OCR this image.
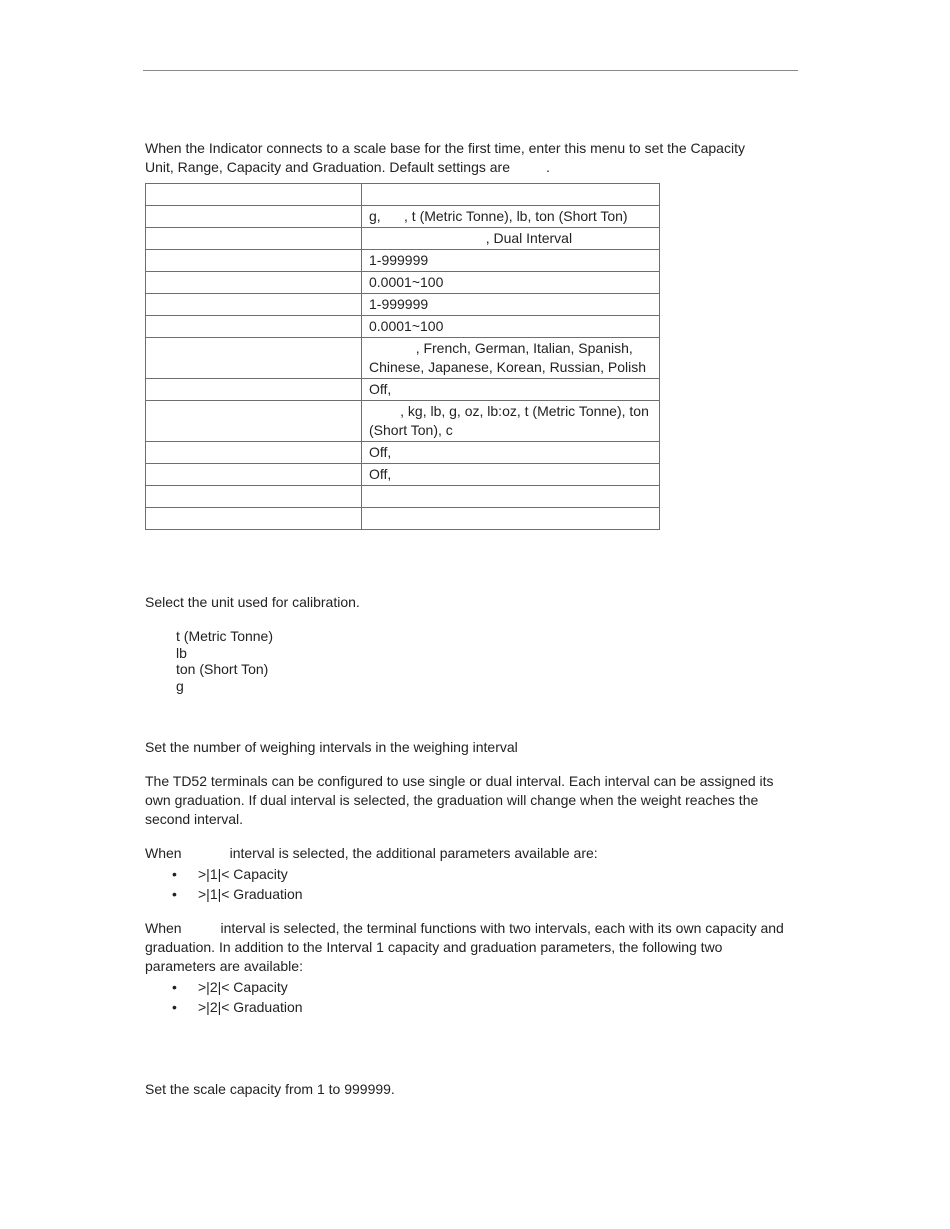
When the Indicator connects to a scale base for the first time, enter this menu to set the Capacity
Unit, Range, Capacity and Graduation. Default settings are	.

	g,      , t (Metric Tonne), lb, ton (Short Ton)
	, Dual Interval
	1-999999
	0.0001~100
	1-999999
	0.0001~100
	, French, German, Italian, Spanish, Chinese, Japanese, Korean, Russian, Polish
	Off,
	, kg, lb, g, oz, lb:oz, t (Metric Tonne), ton (Short Ton), c
	Off,
	Off,

Select the unit used for calibration.

t (Metric Tonne)
lb
ton (Short Ton)
g

Set the number of weighing intervals in the weighing interval

The TD52 terminals can be configured to use single or dual interval. Each interval can be assigned its own graduation. If dual interval is selected, the graduation will change when the weight reaches the second interval.

When	interval is selected, the additional parameters available are:

• >|1|< Capacity
• >|1|< Graduation

When          interval is selected, the terminal functions with two intervals, each with its own capacity and graduation. In addition to the Interval 1 capacity and graduation parameters, the following two parameters are available:

• >|2|< Capacity
• >|2|< Graduation

Set the scale capacity from 1 to 999999.
